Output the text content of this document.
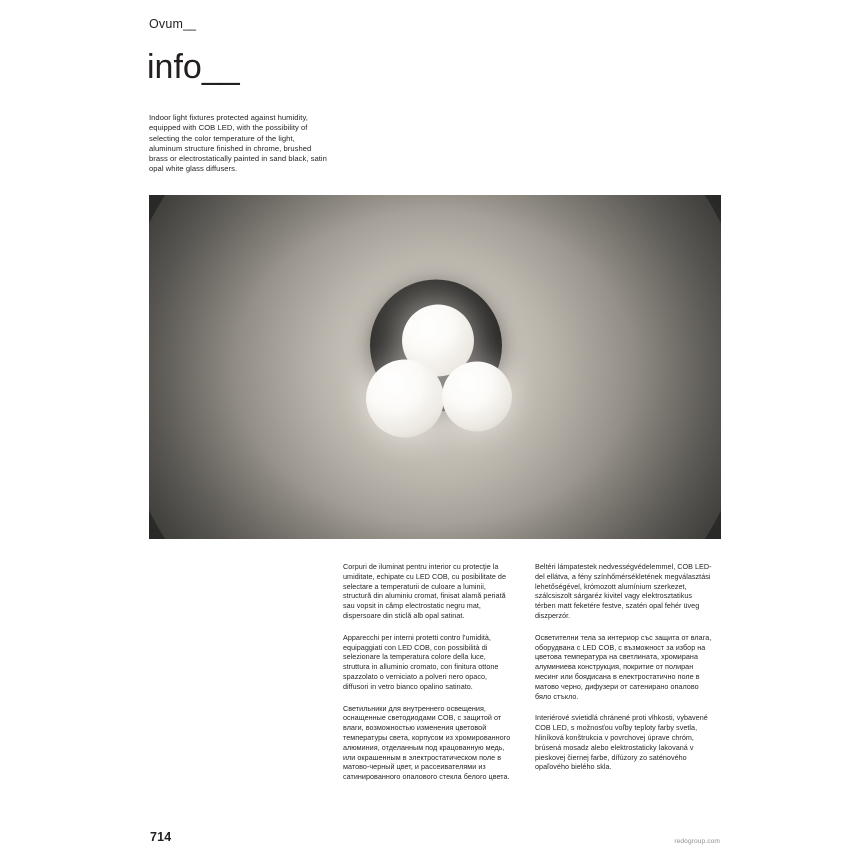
Ovum__
info__
Indoor light fixtures protected against humidity, equipped with COB LED, with the possibility of selecting the color temperature of the light, aluminum structure finished in chrome, brushed brass or electrostatically painted in sand black, satin opal white glass diffusers.

Corpuri de iluminat pentru interior cu protecţie la umiditate, echipate cu LED COB, cu posibilitate de selectare a temperaturii de culoare a luminii, structură din aluminiu cromat, finisat alamă periată sau vopsit in câmp electrostatic negru mat, dispersoare din sticlă alb opal satinat.

Apparecchi per interni protetti contro l'umidità, equipaggiati con LED COB, con possibilità di selezionare la temperatura colore della luce, struttura in alluminio cromato, con finitura ottone spazzolato o verniciato a polveri nero opaco, diffusori in vetro bianco opalino satinato.

Светильники для внутреннего освещения, оснащенные светодиодами COB, с защитой от влаги, возможностью изменения цветовой температуры света, корпусом из хромированного алюминия, отделанным под крацованную медь, или окрашенным в электростатическом поле в матово-черный цвет, и рассеивателями из сатинированного опалового стекла белого цвета.

Beltéri lámpatestek nedvességvédelemmel, COB LED-del ellátva, a fény színhőmérsékletének megválasztási lehetőségével, krómozott alumínium szerkezet, szálcsiszolt sárgaréz kivitel vagy elektrosztatikus térben matt feketére festve, szatén opal fehér üveg diszperzór.

Осветителни тела за интериор със защита от влага, оборудвана с LED COB, с възможност за избор на цветова температура на светлината, хромирана алуминиева конструкция, покритие от полиран месинг или боядисана в електростатично поле в матово черно, дифузери от сатенирано опалово бяло стъкло.

Interiérové svietidlá chránené proti vlhkosti, vybavené COB LED, s možnosťou voľby teploty farby svetla, hliníková konštrukcia v povrchovej úprave chróm, brúsená mosadz alebo elektrostaticky lakovaná v pieskovej čiernej farbe, dífúzory zo saténového opaľového bielého skla.

714	redogroup.com
